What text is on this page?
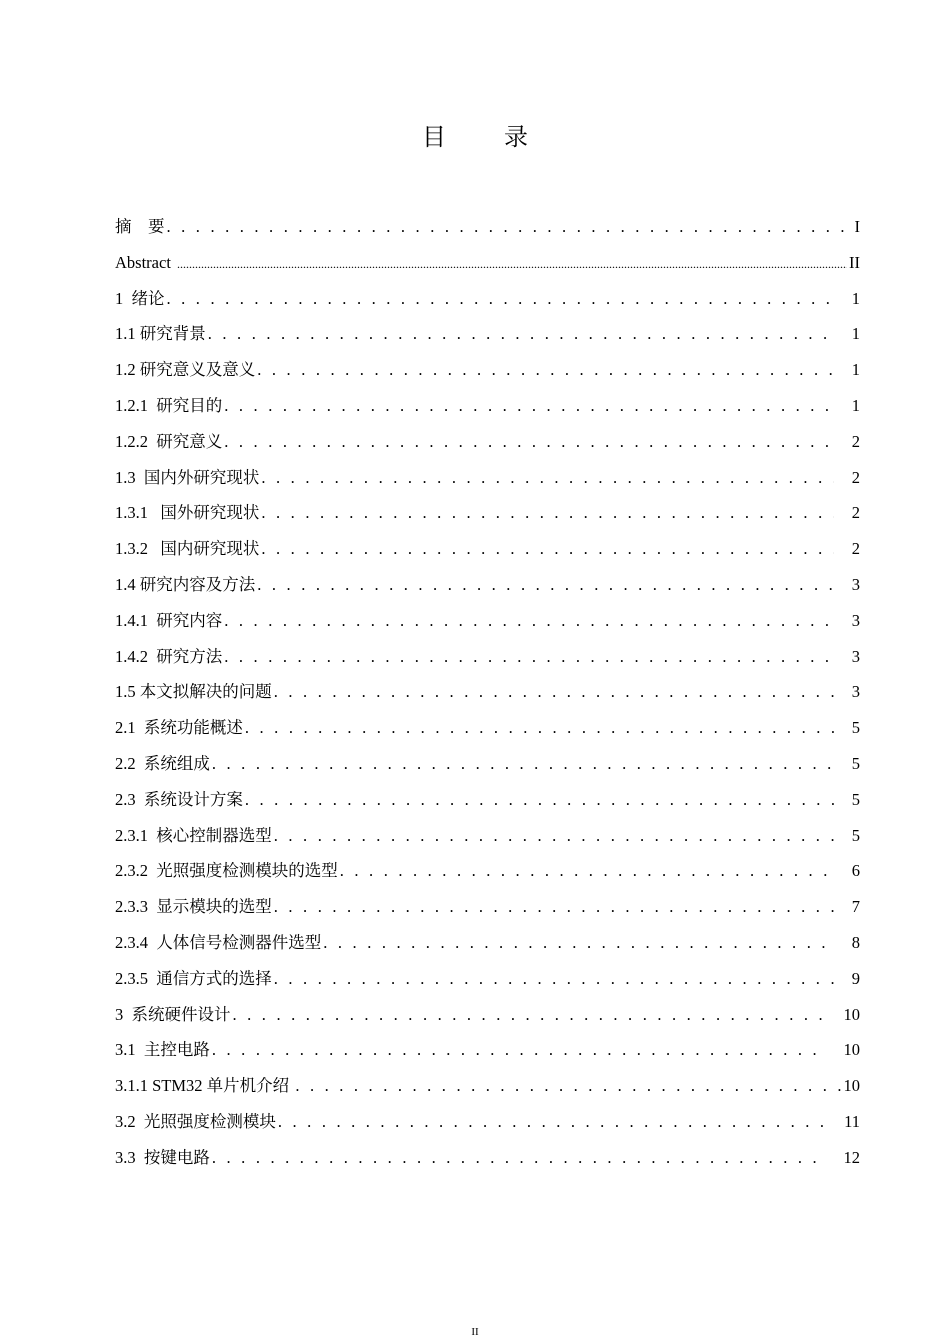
目 录
摘　要 . . .	I
Abstract .....	II
1  绪论 . . .	1
1.1 研究背景 . . .	1
1.2 研究意义及意义 . . .	1
1.2.1  研究目的 . . .	1
1.2.2  研究意义 . . .	2
1.3  国内外研究现状 . . .	2
1.3.1   国外研究现状 . . .	2
1.3.2   国内研究现状 . . .	2
1.4 研究内容及方法 . . .	3
1.4.1  研究内容 . . .	3
1.4.2  研究方法 . . .	3
1.5 本文拟解决的问题 . . .	3
2.1  系统功能概述 . . .	5
2.2  系统组成 . . .	5
2.3  系统设计方案 . . .	5
2.3.1  核心控制器选型 . . .	5
2.3.2  光照强度检测模块的选型 . . .	6
2.3.3  显示模块的选型 . . .	7
2.3.4  人体信号检测器件选型 . . .	8
2.3.5  通信方式的选择 . . .	9
3  系统硬件设计 . . .	10
3.1  主控电路 . . .	10
3.1.1 STM32 单片机介绍 . . .	10
3.2  光照强度检测模块 . . .	11
3.3  按键电路 . . .	12
II
